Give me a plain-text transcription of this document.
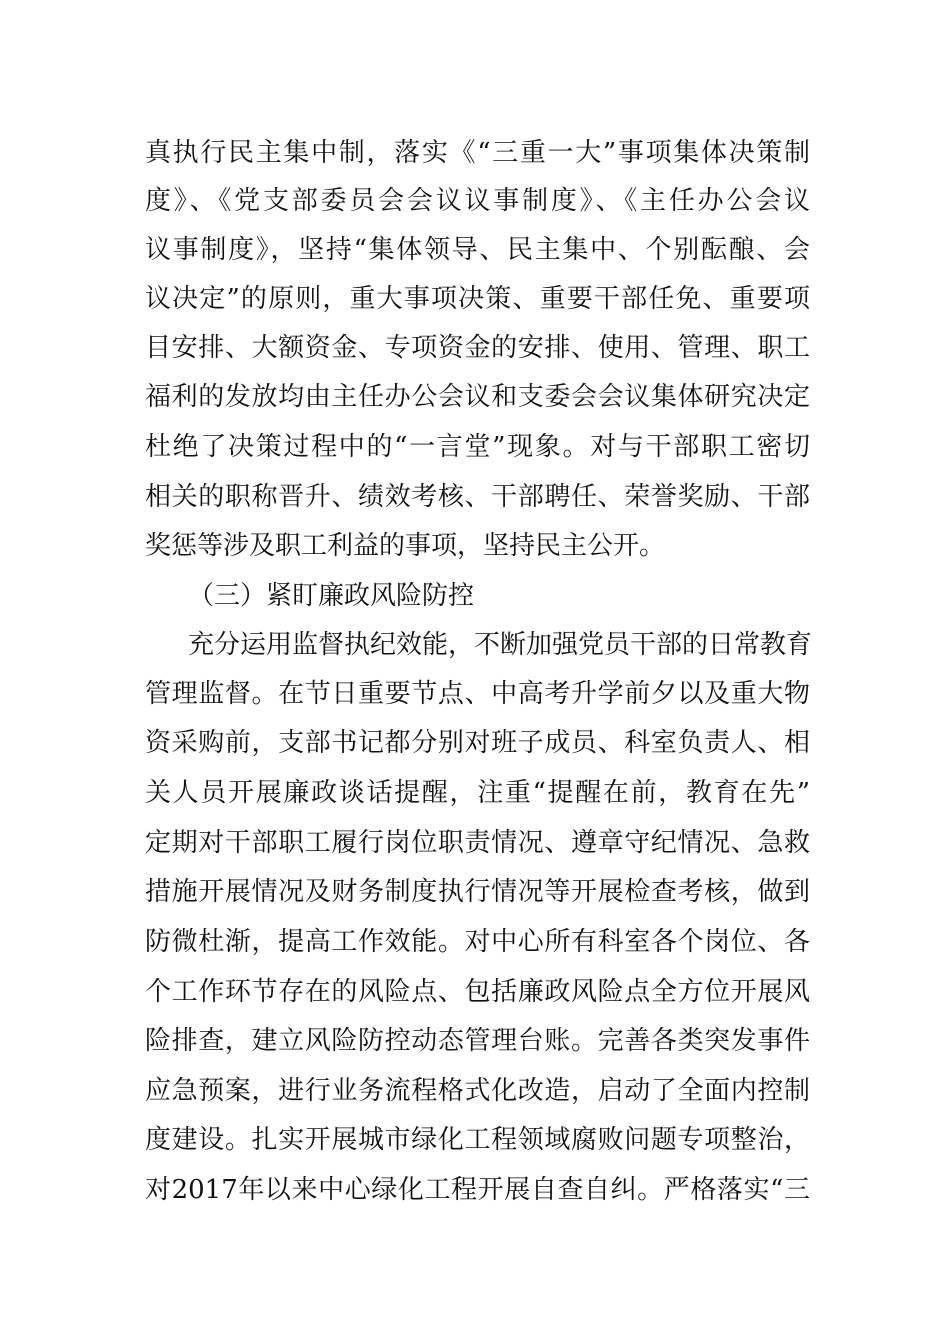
真执行民主集中制，落实《“三重一大”事项集体决策制
度》、《党支部委员会会议议事制度》、《主任办公会议
议事制度》，坚持“集体领导、民主集中、个别酝酿、会
议决定”的原则，重大事项决策、重要干部任免、重要项
目安排、大额资金、专项资金的安排、使用、管理、职工
福利的发放均由主任办公会议和支委会会议集体研究决定
杜绝了决策过程中的“一言堂”现象。对与干部职工密切
相关的职称晋升、绩效考核、干部聘任、荣誉奖励、干部
奖惩等涉及职工利益的事项，坚持民主公开。
（三）紧盯廉政风险防控
充分运用监督执纪效能，不断加强党员干部的日常教育
管理监督。在节日重要节点、中高考升学前夕以及重大物
资采购前，支部书记都分别对班子成员、科室负责人、相
关人员开展廉政谈话提醒，注重“提醒在前，教育在先”
定期对干部职工履行岗位职责情况、遵章守纪情况、急救
措施开展情况及财务制度执行情况等开展检查考核，做到
防微杜渐，提高工作效能。对中心所有科室各个岗位、各
个工作环节存在的风险点、包括廉政风险点全方位开展风
险排查，建立风险防控动态管理台账。完善各类突发事件
应急预案，进行业务流程格式化改造，启动了全面内控制
度建设。扎实开展城市绿化工程领域腐败问题专项整治，
对2017年以来中心绿化工程开展自查自纠。严格落实“三
